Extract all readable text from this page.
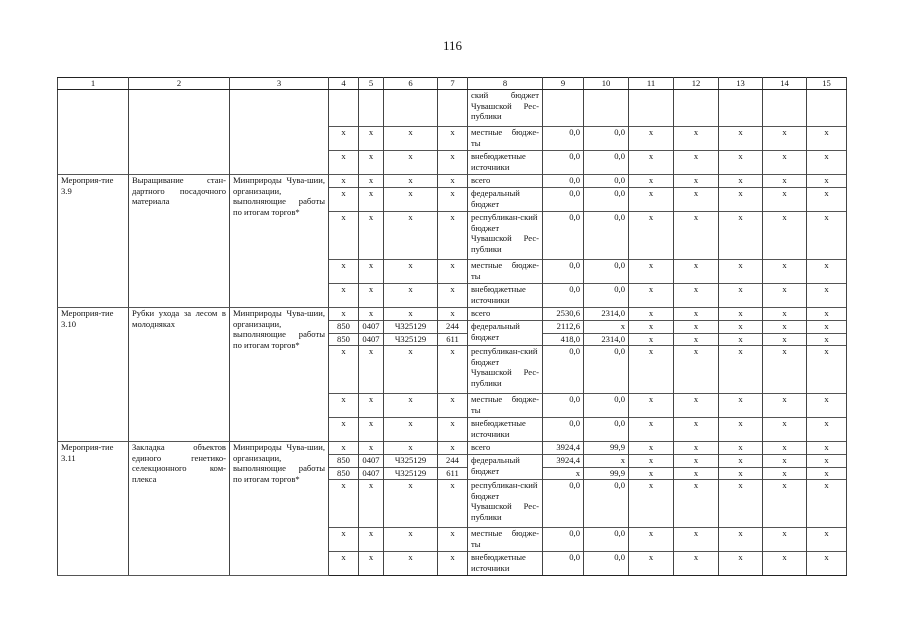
116
1	2	3	4	5	6	7	8	9	10	11	12	13	14	15
							ский бюджет Чувашской Рес-публики							
			x	x	x	x	местные бюдже-ты	0,0	0,0	x	x	x	x	x
			x	x	x	x	внебюджетные источники	0,0	0,0	x	x	x	x	x
Мероприя-тие 3.9	Выращивание стан-дартного посадочного материала	Минприроды Чува-шии, организации, выполняющие работы по итогам торгов*	x	x	x	x	всего	0,0	0,0	x	x	x	x	x
			x	x	x	x	федеральный бюджет	0,0	0,0	x	x	x	x	x
			x	x	x	x	республикан-ский бюджет Чувашской Рес-публики	0,0	0,0	x	x	x	x	x
			x	x	x	x	местные бюдже-ты	0,0	0,0	x	x	x	x	x
			x	x	x	x	внебюджетные источники	0,0	0,0	x	x	x	x	x
Мероприя-тие 3.10	Рубки ухода за лесом в молодняках	Минприроды Чува-шии, организации, выполняющие работы по итогам торгов*	x	x	x	x	всего	2530,6	2314,0	x	x	x	x	x
			850	0407	Ч325129	244	федеральный бюджет	2112,6	x	x	x	x	x	x
			850	0407	Ч325129	611		418,0	2314,0	x	x	x	x	x
			x	x	x	x	республикан-ский бюджет Чувашской Рес-публики	0,0	0,0	x	x	x	x	x
			x	x	x	x	местные бюдже-ты	0,0	0,0	x	x	x	x	x
			x	x	x	x	внебюджетные источники	0,0	0,0	x	x	x	x	x
Мероприя-тие 3.11	Закладка объектов единого генетико-селекционного ком-плекса	Минприроды Чува-шии, организации, выполняющие работы по итогам торгов*	x	x	x	x	всего	3924,4	99,9	x	x	x	x	x
			850	0407	Ч325129	244	федеральный бюджет	3924,4	x	x	x	x	x	x
			850	0407	Ч325129	611		x	99,9	x	x	x	x	x
			x	x	x	x	республикан-ский бюджет Чувашской Рес-публики	0,0	0,0	x	x	x	x	x
			x	x	x	x	местные бюдже-ты	0,0	0,0	x	x	x	x	x
			x	x	x	x	внебюджетные источники	0,0	0,0	x	x	x	x	x
